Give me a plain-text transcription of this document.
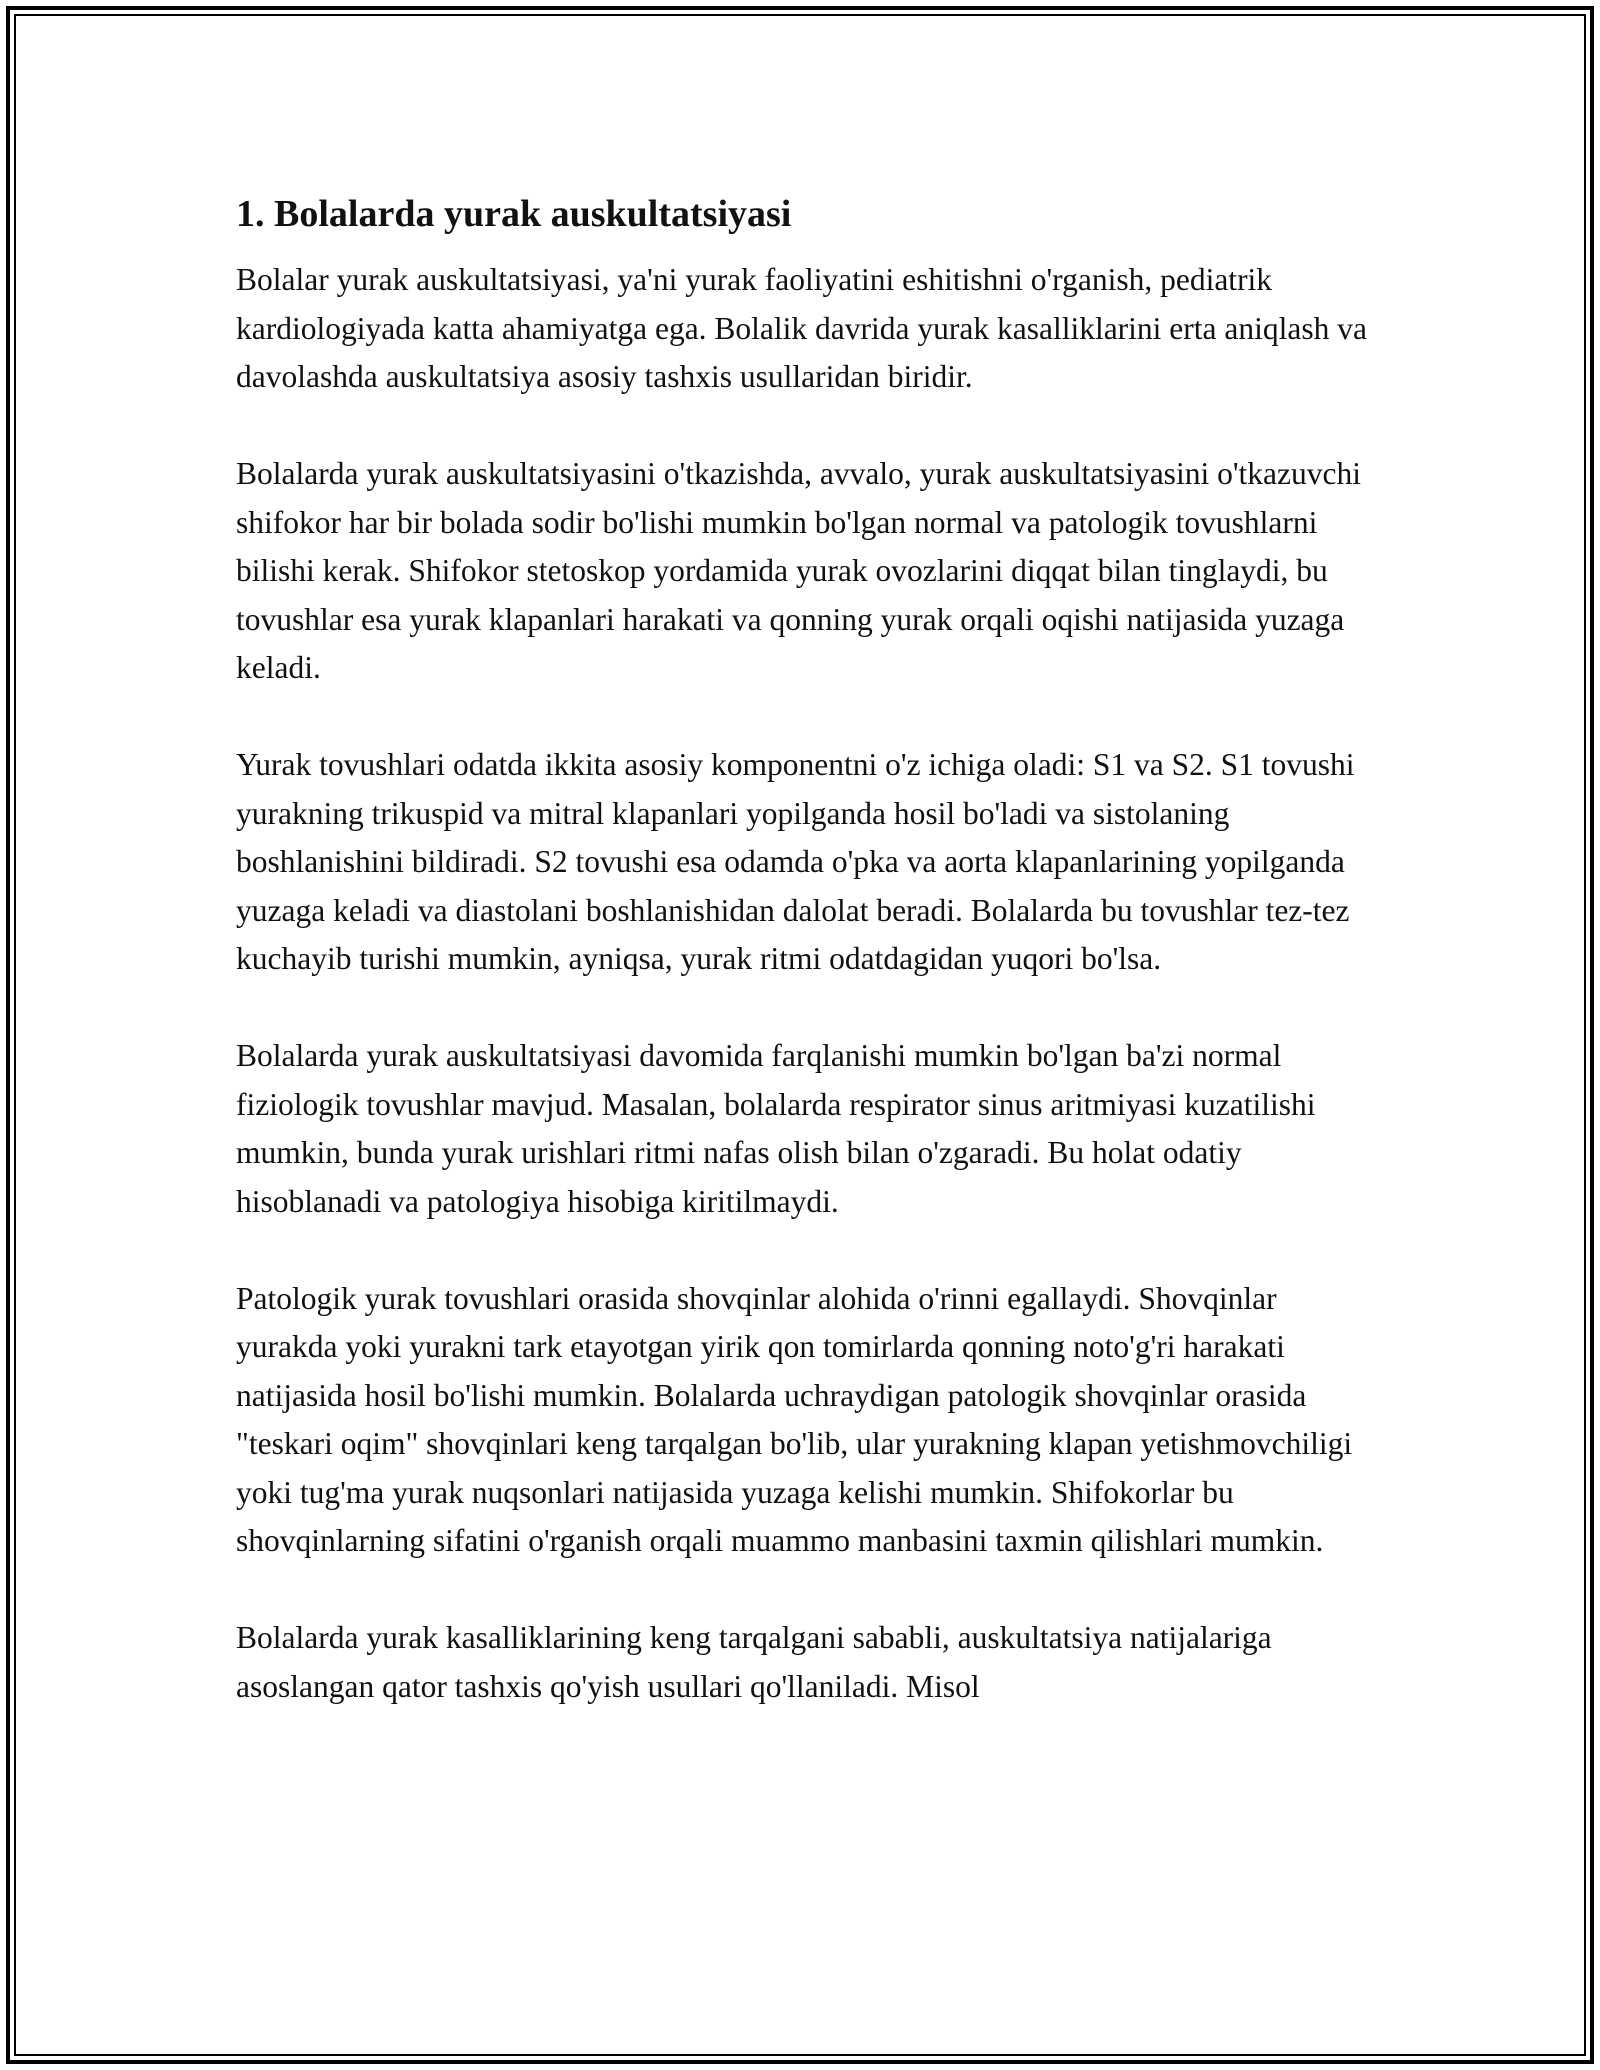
1. Bolalarda yurak auskultatsiyasi

Bolalar yurak auskultatsiyasi, ya'ni yurak faoliyatini eshitishni o'rganish, pediatrik kardiologiyada katta ahamiyatga ega. Bolalik davrida yurak kasalliklarini erta aniqlash va davolashda auskultatsiya asosiy tashxis usullaridan biridir.

Bolalarda yurak auskultatsiyasini o'tkazishda, avvalo, yurak auskultatsiyasini o'tkazuvchi shifokor har bir bolada sodir bo'lishi mumkin bo'lgan normal va patologik tovushlarni bilishi kerak. Shifokor stetoskop yordamida yurak ovozlarini diqqat bilan tinglaydi, bu tovushlar esa yurak klapanlari harakati va qonning yurak orqali oqishi natijasida yuzaga keladi.

Yurak tovushlari odatda ikkita asosiy komponentni o'z ichiga oladi: S1 va S2. S1 tovushi yurakning trikuspid va mitral klapanlari yopilganda hosil bo'ladi va sistolaning boshlanishini bildiradi. S2 tovushi esa odamda o'pka va aorta klapanlarining yopilganda yuzaga keladi va diastolani boshlanishidan dalolat beradi. Bolalarda bu tovushlar tez-tez kuchayib turishi mumkin, ayniqsa, yurak ritmi odatdagidan yuqori bo'lsa.

Bolalarda yurak auskultatsiyasi davomida farqlanishi mumkin bo'lgan ba'zi normal fiziologik tovushlar mavjud. Masalan, bolalarda respirator sinus aritmiyasi kuzatilishi mumkin, bunda yurak urishlari ritmi nafas olish bilan o'zgaradi. Bu holat odatiy hisoblanadi va patologiya hisobiga kiritilmaydi.

Patologik yurak tovushlari orasida shovqinlar alohida o'rinni egallaydi. Shovqinlar yurakda yoki yurakni tark etayotgan yirik qon tomirlarda qonning noto'g'ri harakati natijasida hosil bo'lishi mumkin. Bolalarda uchraydigan patologik shovqinlar orasida "teskari oqim" shovqinlari keng tarqalgan bo'lib, ular yurakning klapan yetishmovchiligi yoki tug'ma yurak nuqsonlari natijasida yuzaga kelishi mumkin. Shifokorlar bu shovqinlarning sifatini o'rganish orqali muammo manbasini taxmin qilishlari mumkin.

Bolalarda yurak kasalliklarining keng tarqalgani sababli, auskultatsiya natijalariga asoslangan qator tashxis qo'yish usullari qo'llaniladi. Misol
